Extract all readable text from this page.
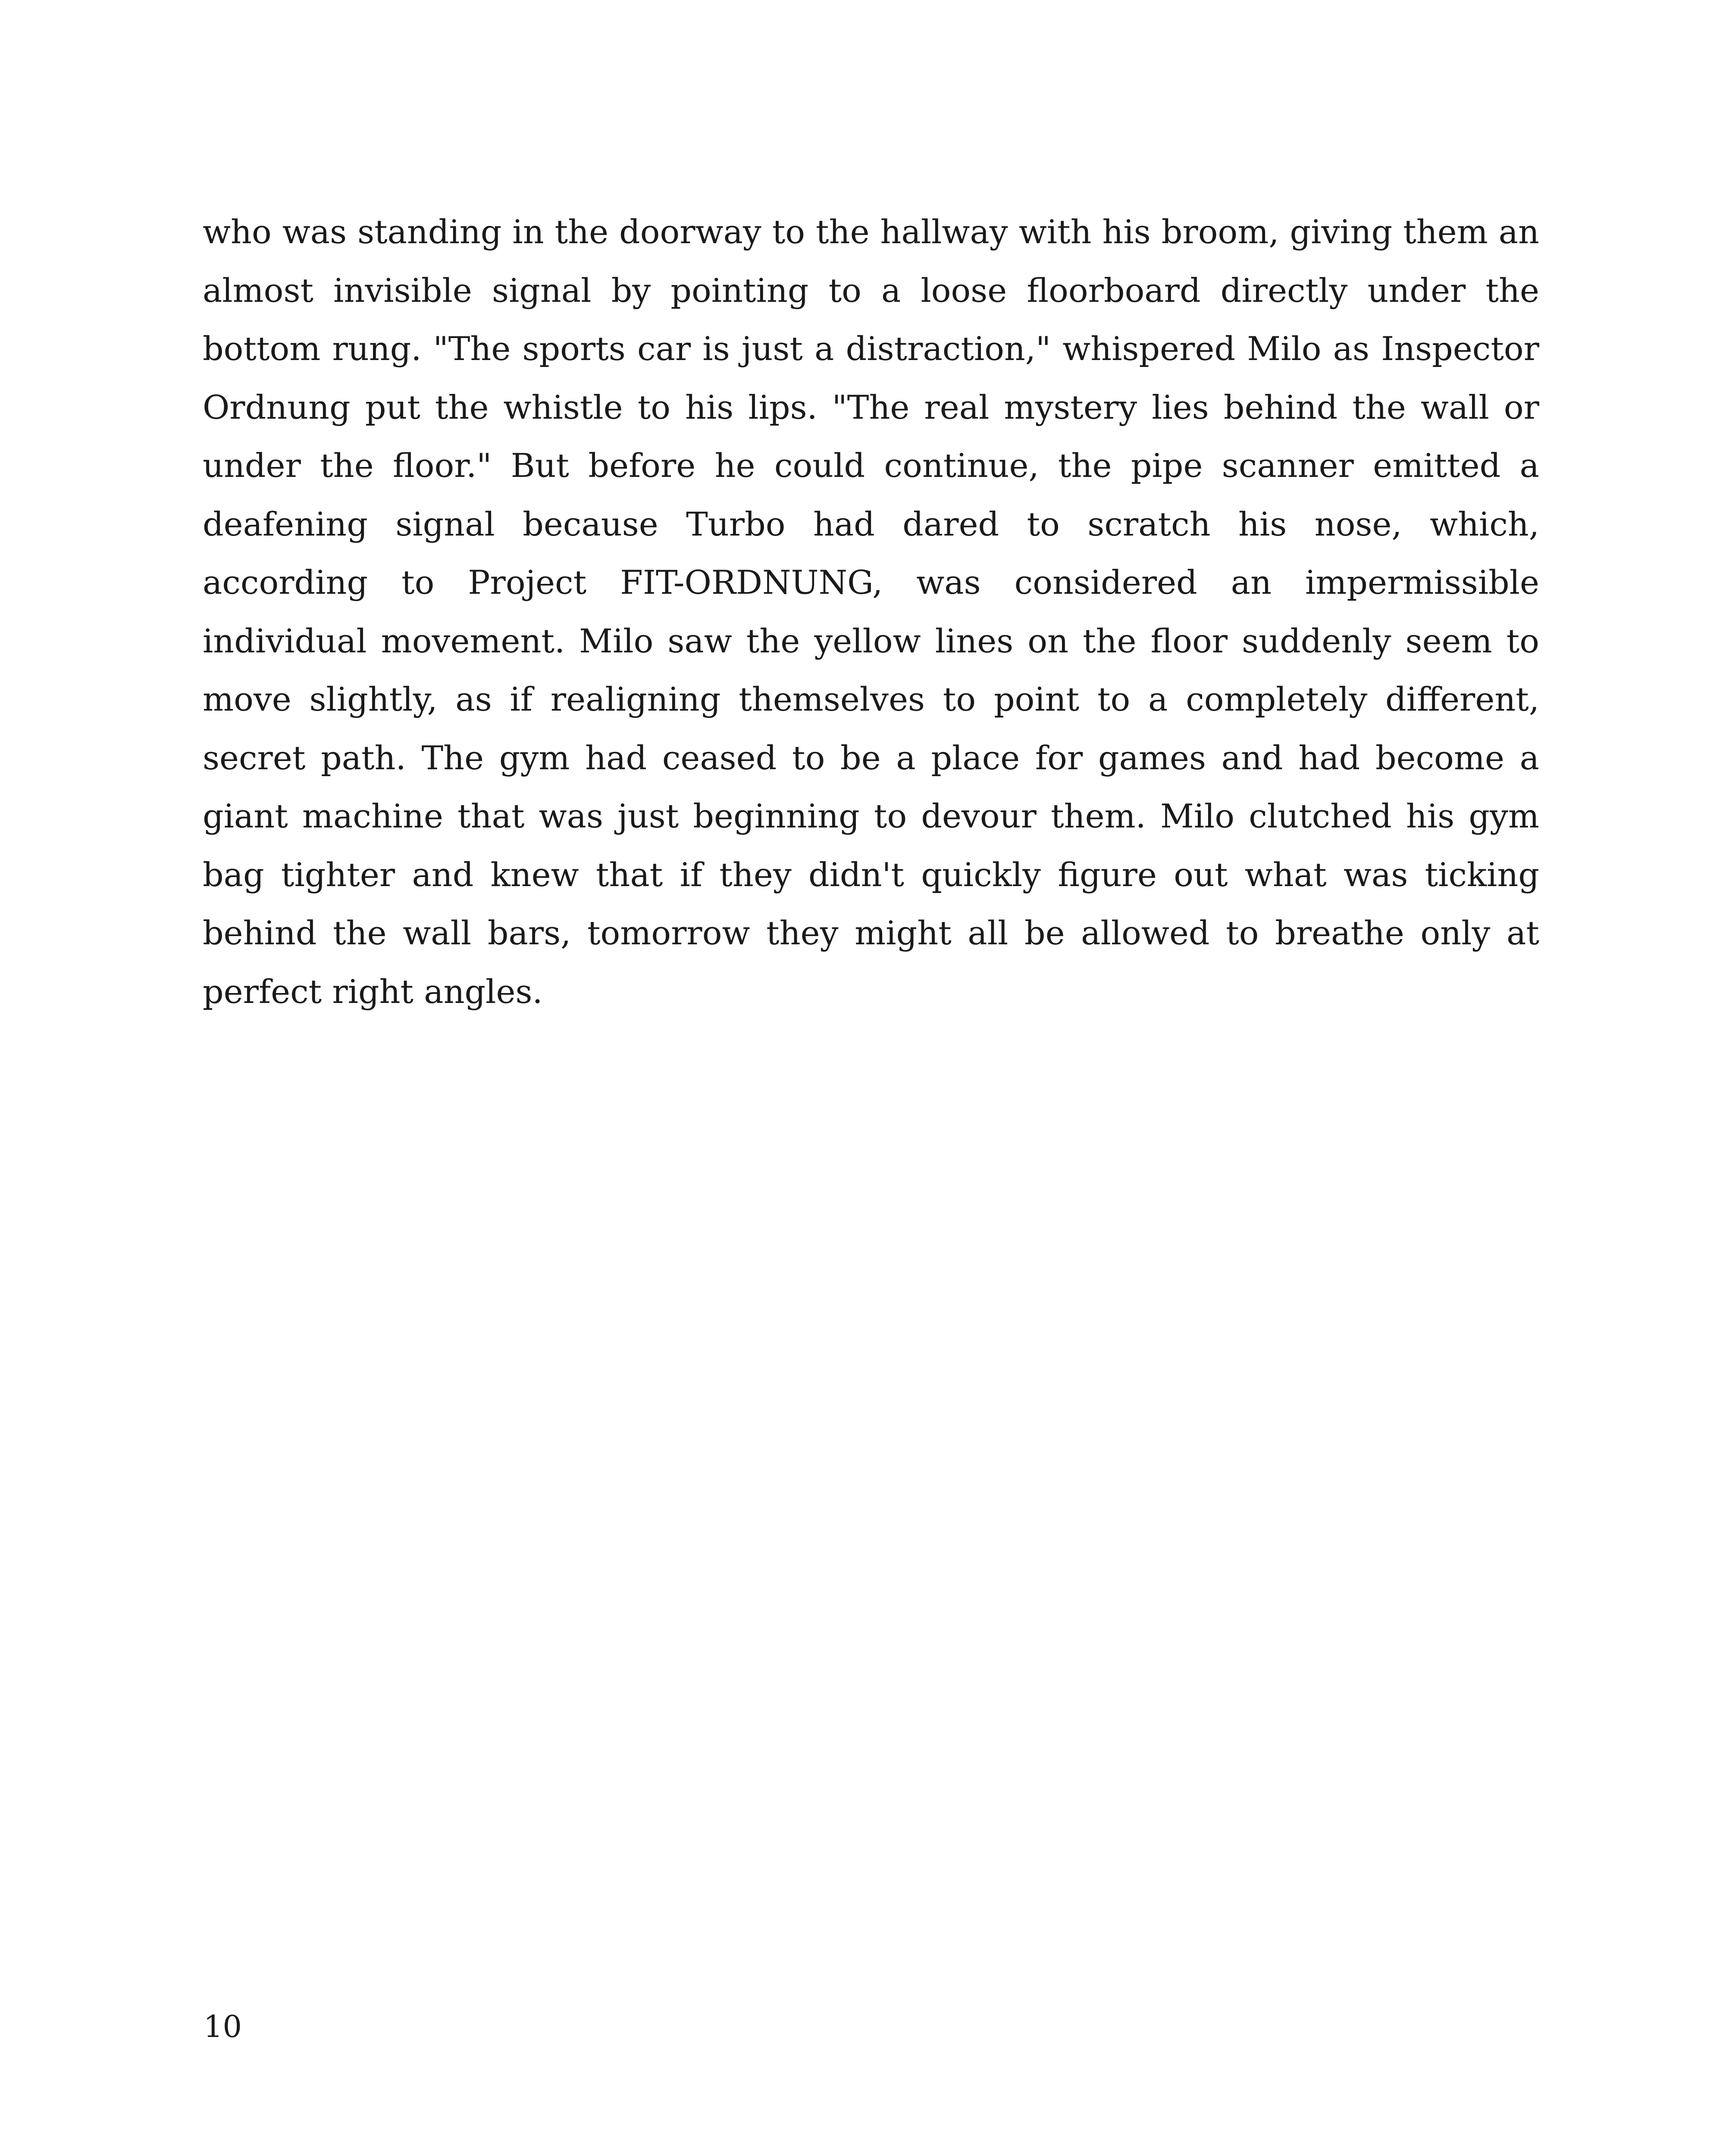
who was standing in the doorway to the hallway with his broom, giving them an almost invisible signal by pointing to a loose floorboard directly under the bottom rung. "The sports car is just a distraction," whispered Milo as Inspector Ordnung put the whistle to his lips. "The real mystery lies behind the wall or under the floor." But before he could continue, the pipe scanner emitted a deafening signal because Turbo had dared to scratch his nose, which, according to Project FIT-ORDNUNG, was considered an impermissible individual movement. Milo saw the yellow lines on the floor suddenly seem to move slightly, as if realigning themselves to point to a completely different, secret path. The gym had ceased to be a place for games and had become a giant machine that was just beginning to devour them. Milo clutched his gym bag tighter and knew that if they didn't quickly figure out what was ticking behind the wall bars, tomorrow they might all be allowed to breathe only at perfect right angles.

10
